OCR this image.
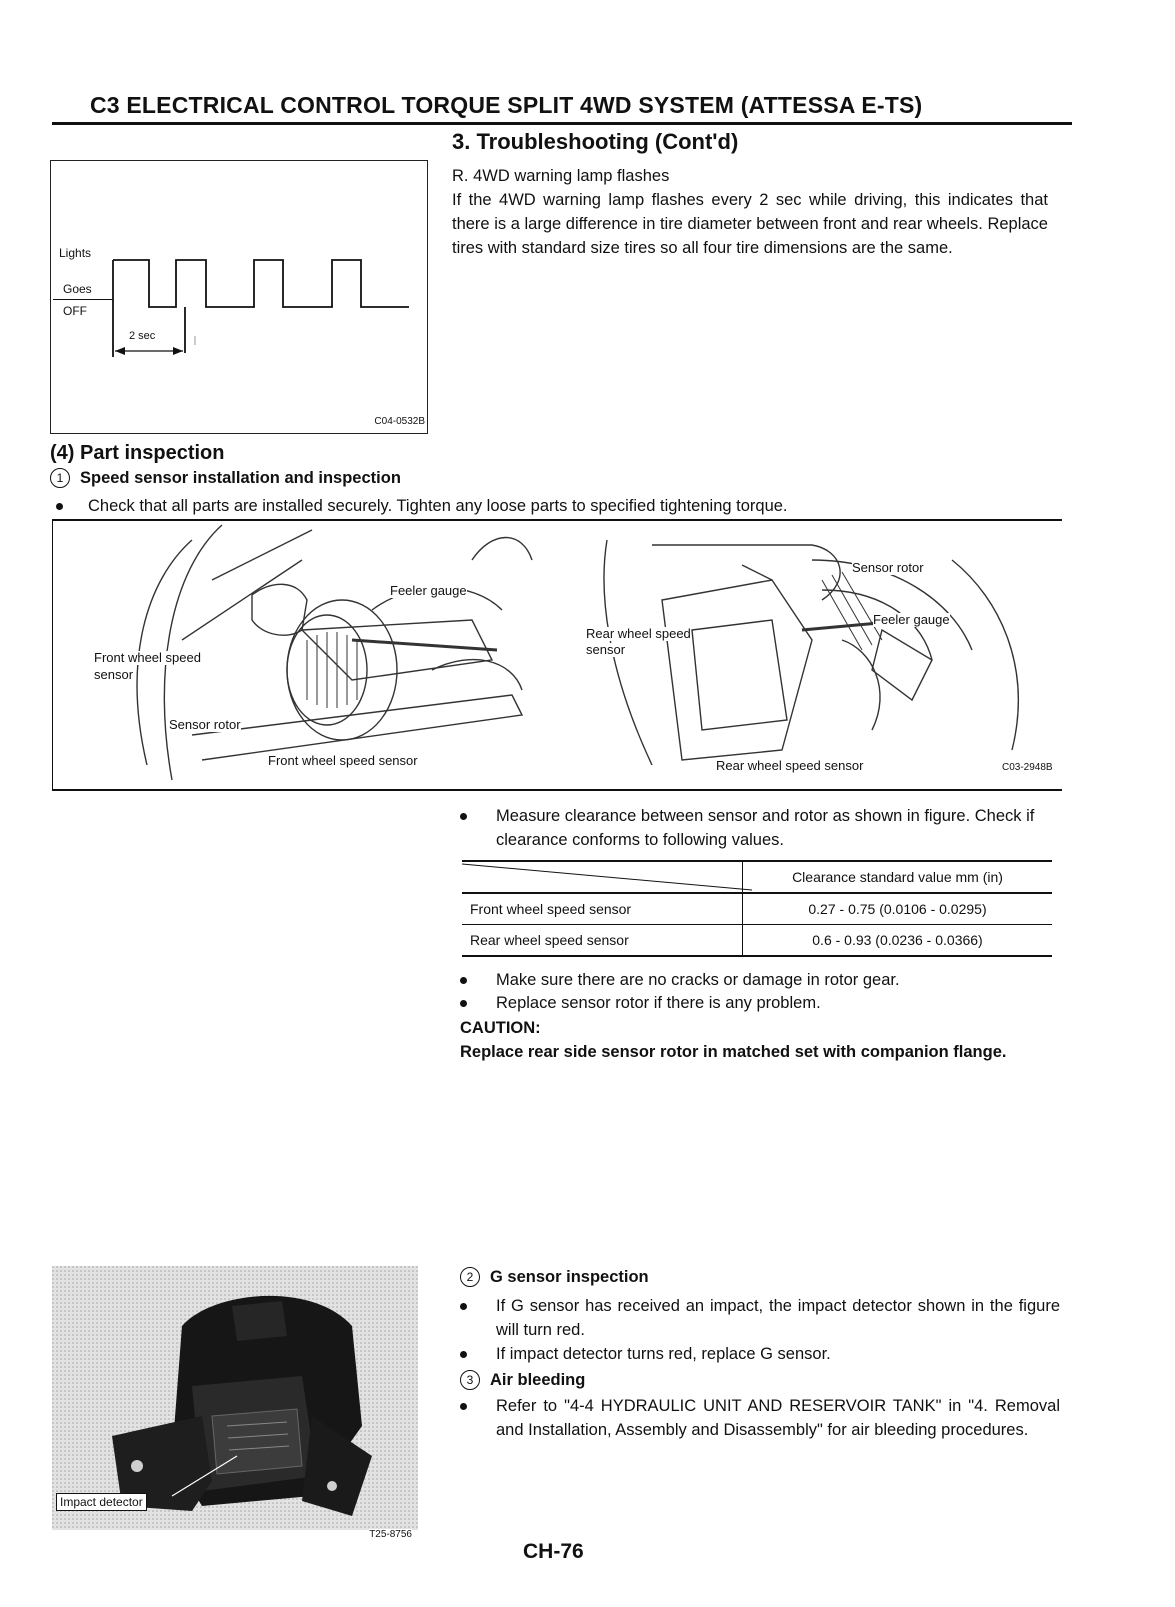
C3 ELECTRICAL CONTROL TORQUE SPLIT 4WD SYSTEM (ATTESSA E-TS)
3. Troubleshooting (Cont'd)
Lights
Goes
OFF
2 sec
C04-0532B
R. 4WD warning lamp flashes
If the 4WD warning lamp flashes every 2 sec while driving, this indicates that there is a large difference in tire diameter between front and rear wheels. Replace tires with standard size tires so all four tire dimensions are the same.
(4) Part inspection
1 Speed sensor installation and inspection
Check that all parts are installed securely. Tighten any loose parts to specified tightening torque.
Feeler gauge
Front wheel speed
sensor
Sensor rotor
Front wheel speed sensor
Sensor rotor
Feeler gauge
Rear wheel speed
sensor
Rear wheel speed sensor	C03-2948B
Measure clearance between sensor and rotor as shown in figure. Check if clearance conforms to following values.
	Clearance standard value mm (in)
Front wheel speed sensor	0.27 - 0.75 (0.0106 - 0.0295)
Rear wheel speed sensor	0.6 - 0.93 (0.0236 - 0.0366)
Make sure there are no cracks or damage in rotor gear.
Replace sensor rotor if there is any problem.
CAUTION:
Replace rear side sensor rotor in matched set with companion flange.
Impact detector
T25-8756
2 G sensor inspection
If G sensor has received an impact, the impact detector shown in the figure will turn red.
If impact detector turns red, replace G sensor.
3 Air bleeding
Refer to "4-4 HYDRAULIC UNIT AND RESERVOIR TANK" in "4. Removal and Installation, Assembly and Disassembly" for air bleeding procedures.
CH-76
